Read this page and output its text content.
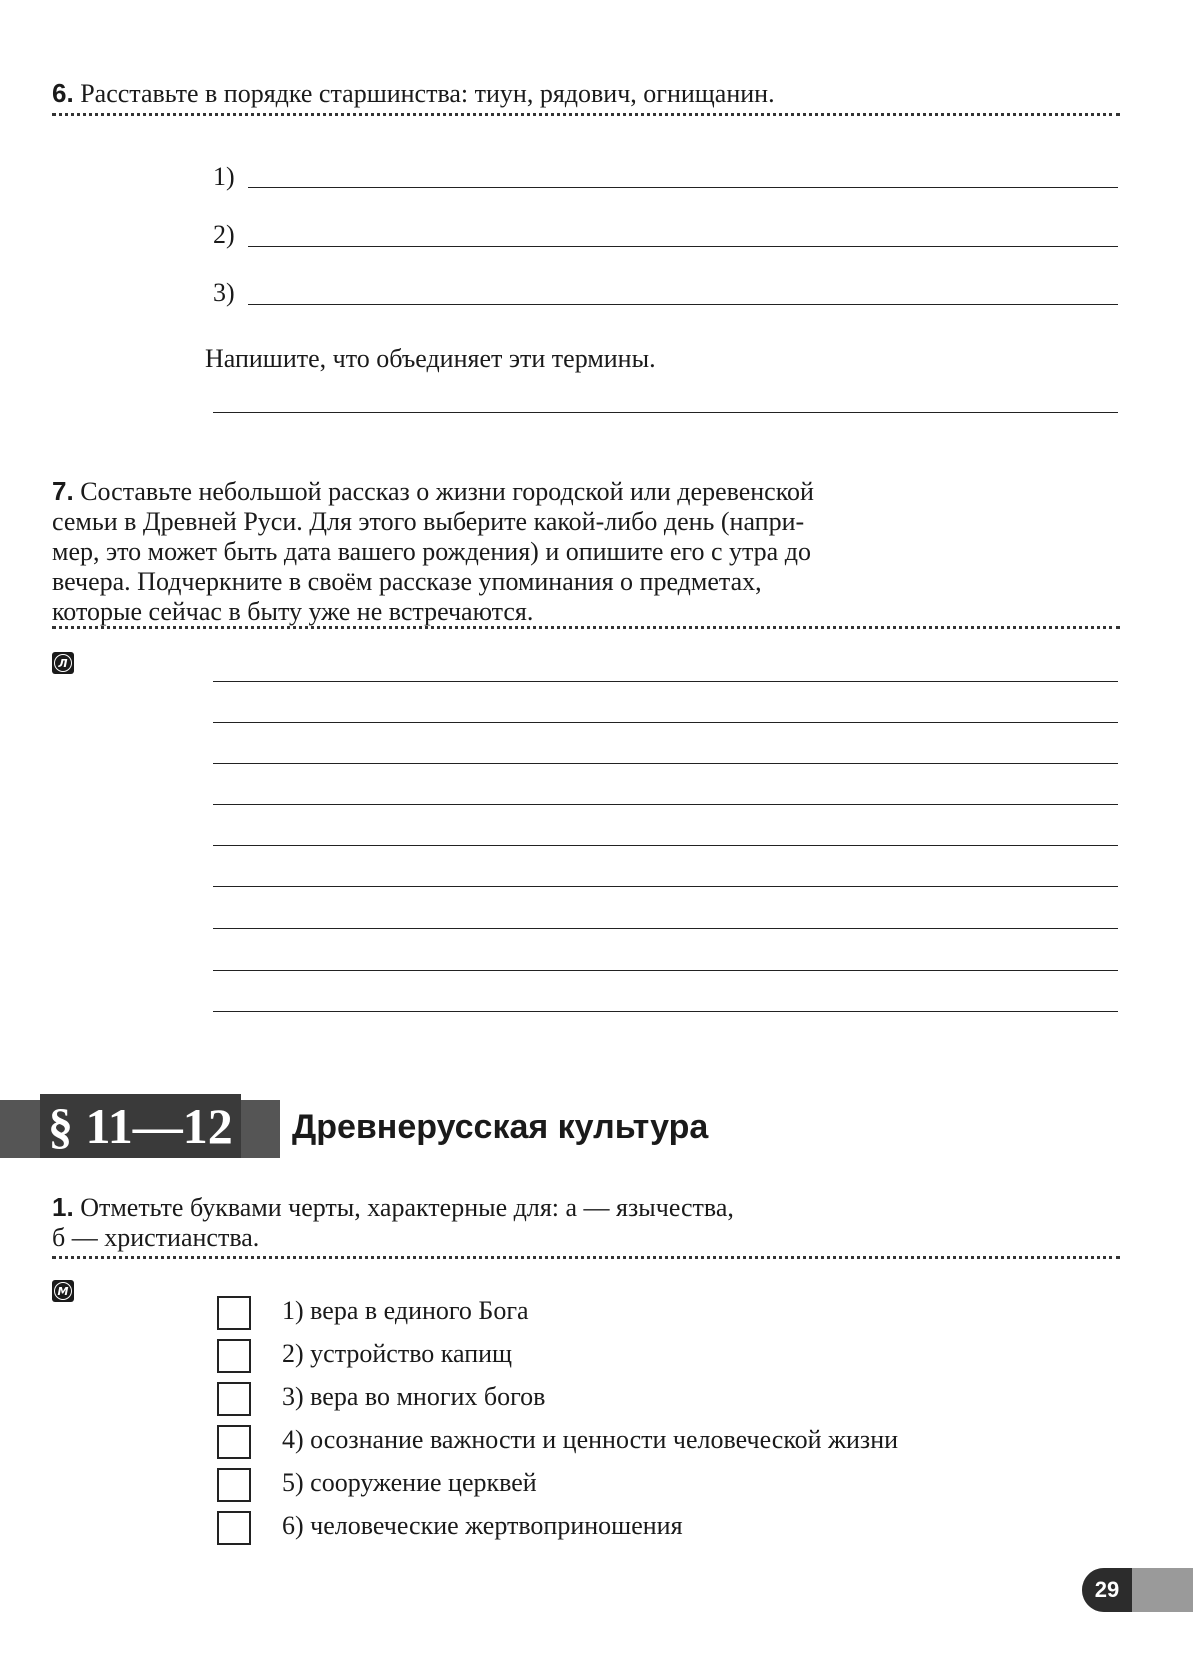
6. Расставьте в порядке старшинства: тиун, рядович, огнищанин.
1)
2)
3)
Напишите, что объединяет эти термины.
7. Составьте небольшой рассказ о жизни городской или деревенской
семьи в Древней Руси. Для этого выберите какой-либо день (напри-
мер, это может быть дата вашего рождения) и опишите его с утра до
вечера. Подчеркните в своём рассказе упоминания о предметах,
которые сейчас в быту уже не встречаются.
Л
§ 11—12 Древнерусская культура
1. Отметьте буквами черты, характерные для: а — язычества,
б — христианства.
М
1) вера в единого Бога
2) устройство капищ
3) вера во многих богов
4) осознание важности и ценности человеческой жизни
5) сооружение церквей
6) человеческие жертвоприношения
29
